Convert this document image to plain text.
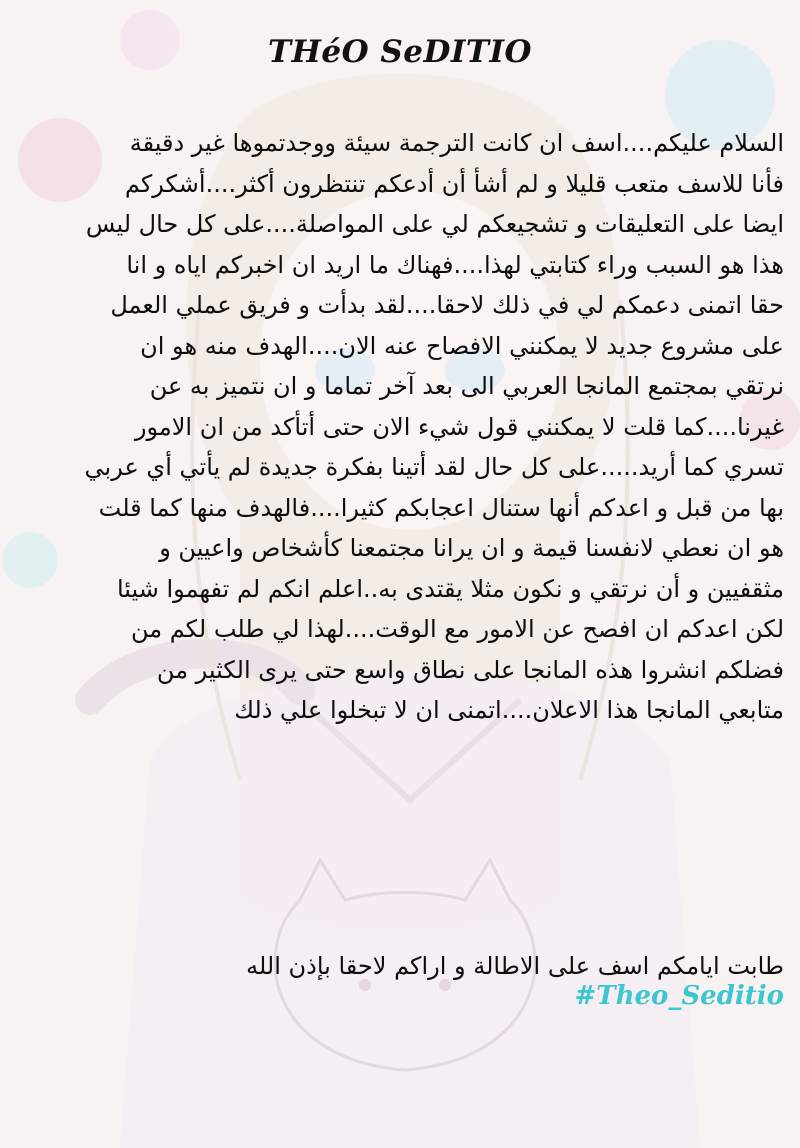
THéO SeDITIO
السلام عليكم....اسف ان كانت الترجمة سيئة ووجدتموها غير دقيقة
فأنا للاسف متعب قليلا و لم أشأ أن أدعكم تنتظرون أكثر....أشكركم
ايضا على التعليقات و تشجيعكم لي على المواصلة....على كل حال ليس
هذا هو السبب وراء كتابتي لهذا....فهناك ما اريد ان اخبركم اياه و انا
حقا اتمنى دعمكم لي في ذلك لاحقا....لقد بدأت و فريق عملي العمل
على مشروع جديد لا يمكنني الافصاح عنه الان....الهدف منه هو ان
نرتقي بمجتمع المانجا العربي الى بعد آخر تماما و ان نتميز به عن
غيرنا....كما قلت لا يمكنني قول شيء الان حتى أتأكد من ان الامور
تسري كما أريد.....على كل حال لقد أتينا بفكرة جديدة لم يأتي أي عربي
بها من قبل و اعدكم أنها ستنال اعجابكم كثيرا....فالهدف منها كما قلت
هو ان نعطي لانفسنا قيمة و ان يرانا مجتمعنا كأشخاص واعيين و
مثقفيين و أن نرتقي و نكون مثلا يقتدى به..اعلم انكم لم تفهموا شيئا
لكن اعدكم ان افصح عن الامور مع الوقت....لهذا لي طلب لكم من
فضلكم انشروا هذه المانجا على نطاق واسع حتى يرى الكثير من
متابعي المانجا هذا الاعلان....اتمنى ان لا تبخلوا علي ذلك
طابت ايامكم اسف على الاطالة و اراكم لاحقا بإذن الله
#Theo_Seditio
